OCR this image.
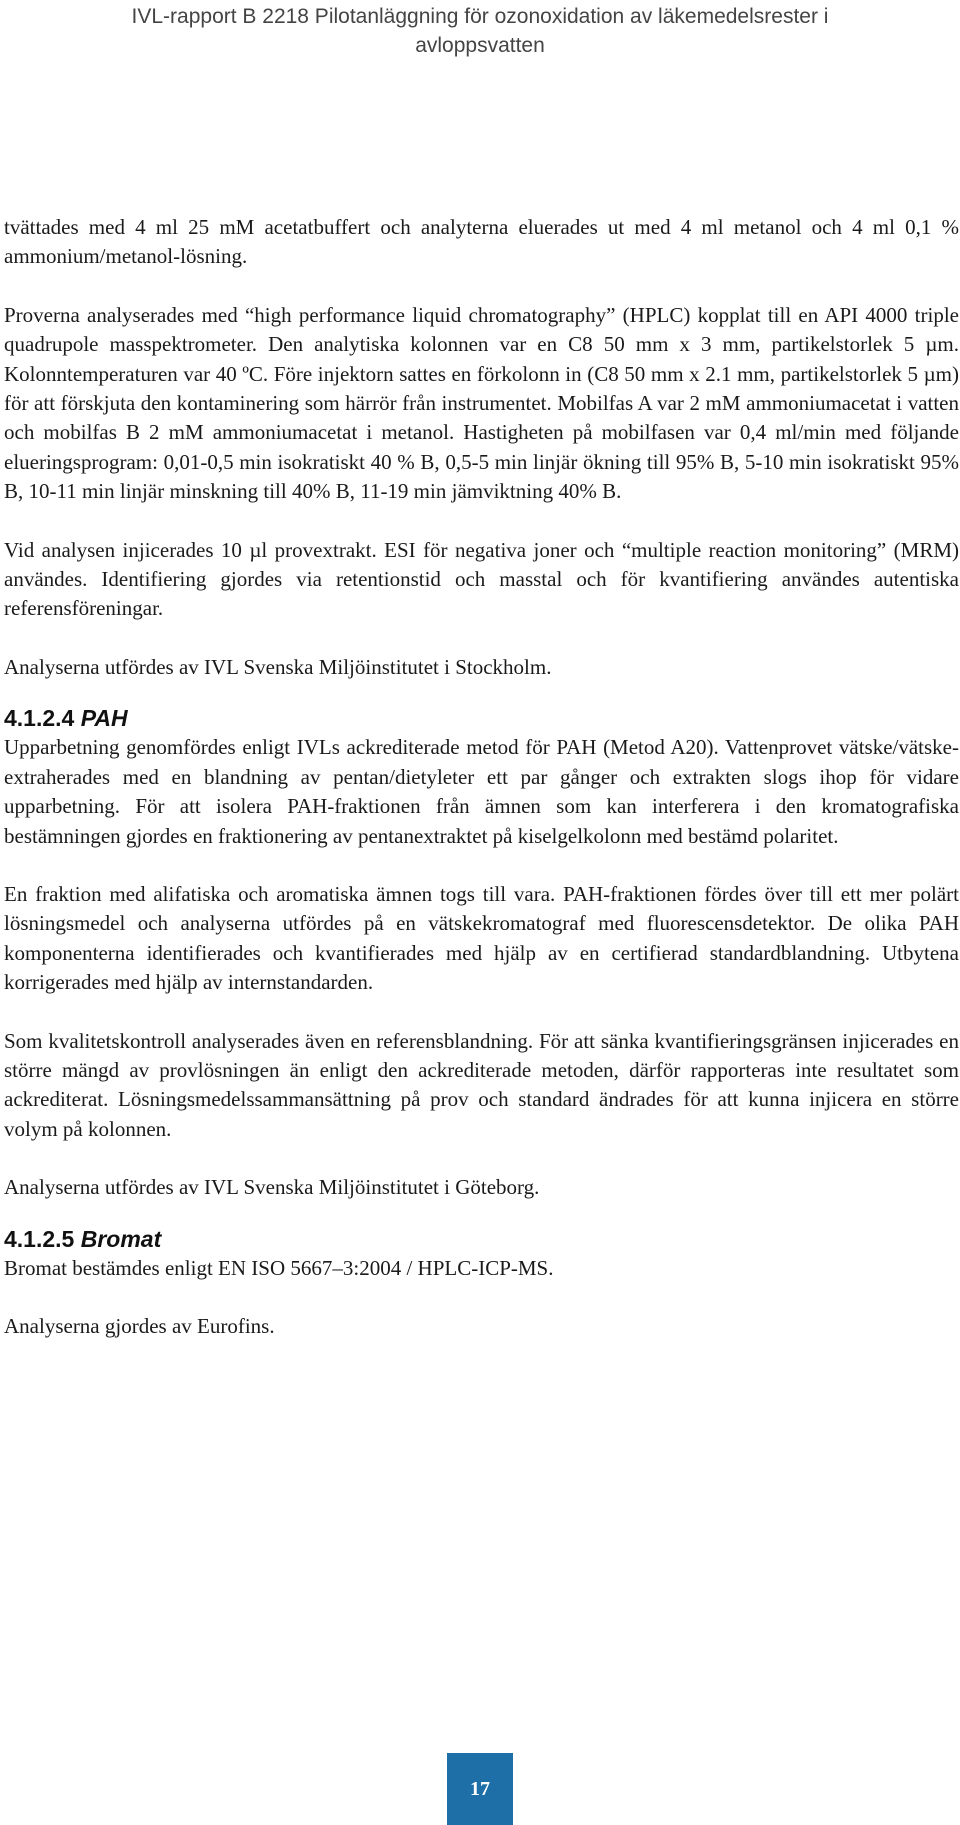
IVL-rapport B 2218 Pilotanläggning för ozonoxidation av läkemedelsrester i
avloppsvatten

tvättades med 4 ml 25 mM acetatbuffert och analyterna eluerades ut med 4 ml metanol och 4 ml 0,1 % ammonium/metanol-lösning.

Proverna analyserades med “high performance liquid chromatography” (HPLC) kopplat till en API 4000 triple quadrupole masspektrometer. Den analytiska kolonnen var en C8 50 mm x 3 mm, partikelstorlek 5 µm. Kolonntemperaturen var 40 ºC. Före injektorn sattes en förkolonn in (C8 50 mm x 2.1 mm, partikelstorlek 5 µm) för att förskjuta den kontaminering som härrör från instrumentet. Mobilfas A var 2 mM ammoniumacetat i vatten och mobilfas B 2 mM ammoniumacetat i metanol. Hastigheten på mobilfasen var 0,4 ml/min med följande elueringsprogram: 0,01-0,5 min isokratiskt 40 % B, 0,5-5 min linjär ökning till 95% B, 5-10 min isokratiskt 95% B, 10-11 min linjär minskning till 40% B, 11-19 min jämviktning 40% B.

Vid analysen injicerades 10 µl provextrakt. ESI för negativa joner och “multiple reaction monitoring” (MRM) användes. Identifiering gjordes via retentionstid och masstal och för kvantifiering användes autentiska referensföreningar.

Analyserna utfördes av IVL Svenska Miljöinstitutet i Stockholm.

4.1.2.4 PAH

Upparbetning genomfördes enligt IVLs ackrediterade metod för PAH (Metod A20). Vattenprovet vätske/vätske-extraherades med en blandning av pentan/dietyleter ett par gånger och extrakten slogs ihop för vidare upparbetning. För att isolera PAH-fraktionen från ämnen som kan interferera i den kromatografiska bestämningen gjordes en fraktionering av pentanextraktet på kiselgelkolonn med bestämd polaritet.

En fraktion med alifatiska och aromatiska ämnen togs till vara. PAH-fraktionen fördes över till ett mer polärt lösningsmedel och analyserna utfördes på en vätskekromatograf med fluorescensdetektor. De olika PAH komponenterna identifierades och kvantifierades med hjälp av en certifierad standardblandning. Utbytena korrigerades med hjälp av internstandarden.

Som kvalitetskontroll analyserades även en referensblandning. För att sänka kvantifieringsgränsen injicerades en större mängd av provlösningen än enligt den ackrediterade metoden, därför rapporteras inte resultatet som ackrediterat. Lösningsmedelssammansättning på prov och standard ändrades för att kunna injicera en större volym på kolonnen.

Analyserna utfördes av IVL Svenska Miljöinstitutet i Göteborg.

4.1.2.5 Bromat

Bromat bestämdes enligt EN ISO 5667–3:2004 / HPLC-ICP-MS.

Analyserna gjordes av Eurofins.

17
